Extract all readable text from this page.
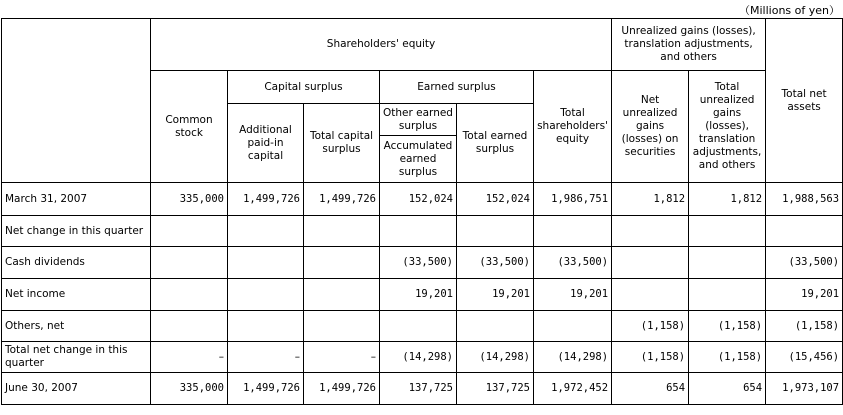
（Millions of yen）
	Shareholders' equity						Unrealized gains (losses), translation adjustments, and others		Total net assets
	Common stock	Capital surplus		Earned surplus		Total shareholders' equity	Net unrealized gains (losses) on securities	Total unrealized gains (losses), translation adjustments, and others	
		Additional paid-in capital	Total capital surplus	Other earned surplus	Total earned surplus				
				Accumulated earned surplus					
March 31, 2007	335,000	1,499,726	1,499,726	152,024	152,024	1,986,751	1,812	1,812	1,988,563
Net change in this quarter									
Cash dividends				(33,500)	(33,500)	(33,500)			(33,500)
Net income				19,201	19,201	19,201			19,201
Others, net							(1,158)	(1,158)	(1,158)
Total net change in this quarter	–	–	–	(14,298)	(14,298)	(14,298)	(1,158)	(1,158)	(15,456)
June 30, 2007	335,000	1,499,726	1,499,726	137,725	137,725	1,972,452	654	654	1,973,107
